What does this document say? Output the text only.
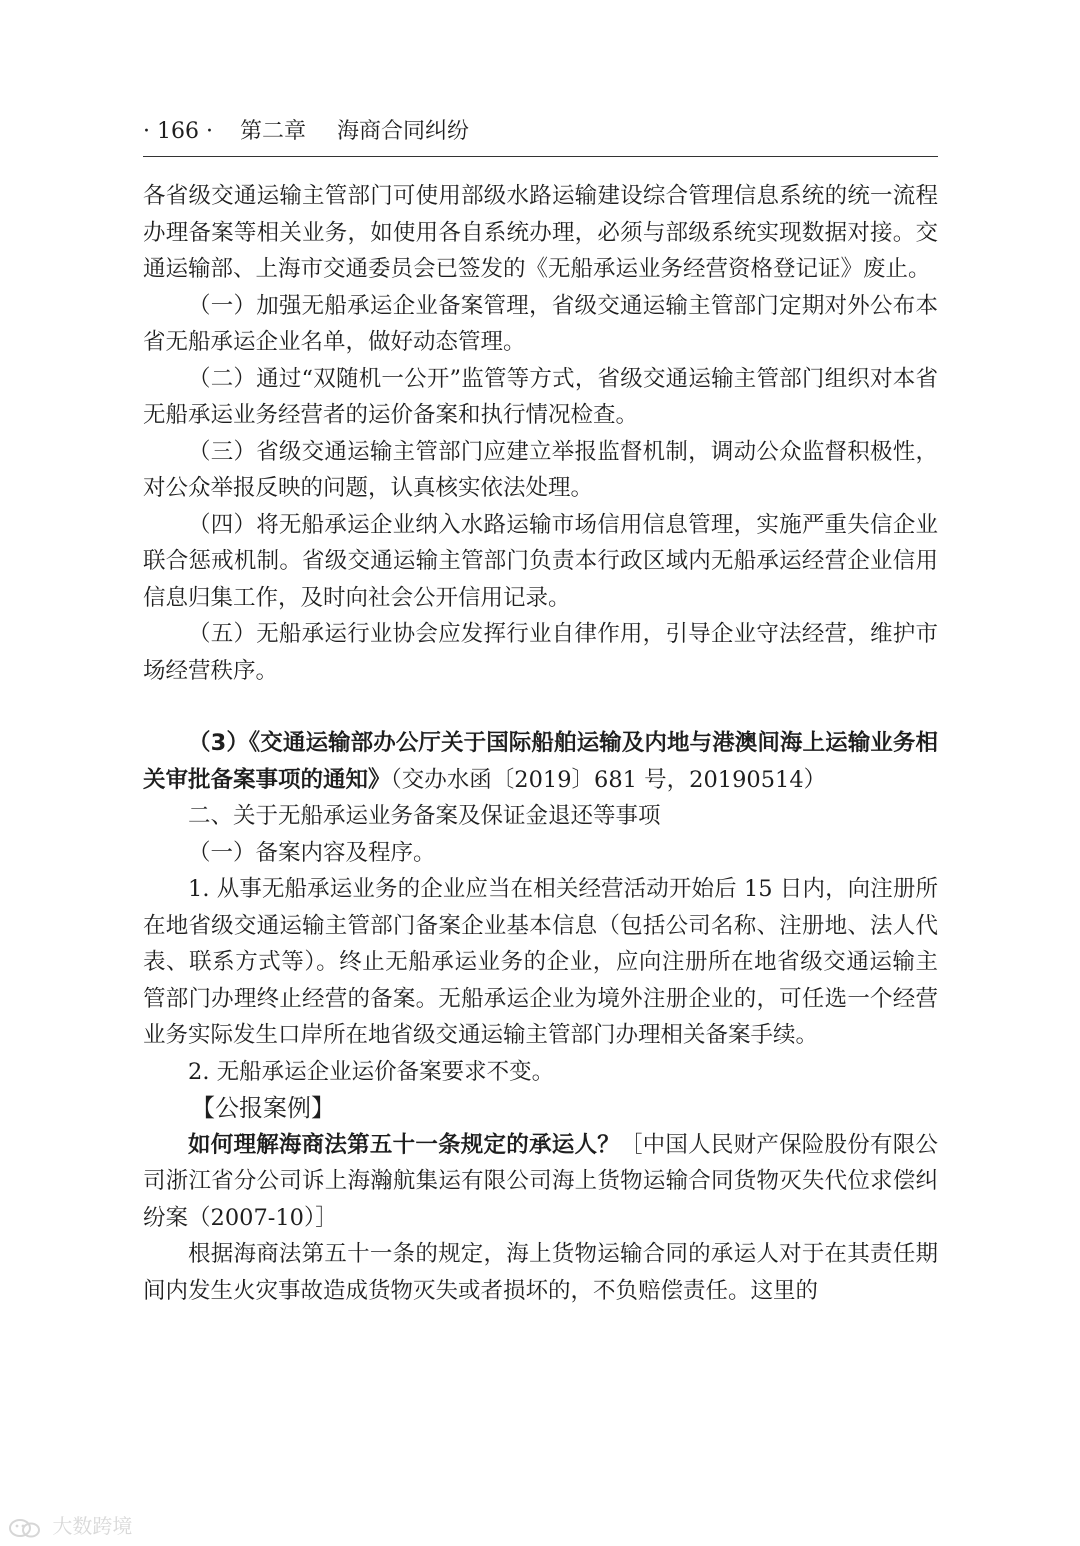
· 166 · 第二章 海商合同纠纷

各省级交通运输主管部门可使用部级水路运输建设综合管理信息系统的统一流程办理备案等相关业务，如使用各自系统办理，必须与部级系统实现数据对接。交通运输部、上海市交通委员会已签发的《无船承运业务经营资格登记证》废止。

（一）加强无船承运企业备案管理，省级交通运输主管部门定期对外公布本省无船承运企业名单，做好动态管理。

（二）通过“双随机一公开”监管等方式，省级交通运输主管部门组织对本省无船承运业务经营者的运价备案和执行情况检查。

（三）省级交通运输主管部门应建立举报监督机制，调动公众监督积极性，对公众举报反映的问题，认真核实依法处理。

（四）将无船承运企业纳入水路运输市场信用信息管理，实施严重失信企业联合惩戒机制。省级交通运输主管部门负责本行政区域内无船承运经营企业信用信息归集工作，及时向社会公开信用记录。

（五）无船承运行业协会应发挥行业自律作用，引导企业守法经营，维护市场经营秩序。

（3）《交通运输部办公厅关于国际船舶运输及内地与港澳间海上运输业务相关审批备案事项的通知》（交办水函〔2019〕681 号，20190514）

二、关于无船承运业务备案及保证金退还等事项

（一）备案内容及程序。

1. 从事无船承运业务的企业应当在相关经营活动开始后 15 日内，向注册所在地省级交通运输主管部门备案企业基本信息（包括公司名称、注册地、法人代表、联系方式等）。终止无船承运业务的企业，应向注册所在地省级交通运输主管部门办理终止经营的备案。无船承运企业为境外注册企业的，可任选一个经营业务实际发生口岸所在地省级交通运输主管部门办理相关备案手续。

2. 无船承运企业运价备案要求不变。

【公报案例】

如何理解海商法第五十一条规定的承运人？［中国人民财产保险股份有限公司浙江省分公司诉上海瀚航集运有限公司海上货物运输合同货物灭失代位求偿纠纷案（2007-10）］

根据海商法第五十一条的规定，海上货物运输合同的承运人对于在其责任期间内发生火灾事故造成货物灭失或者损坏的，不负赔偿责任。这里的

大数跨境
